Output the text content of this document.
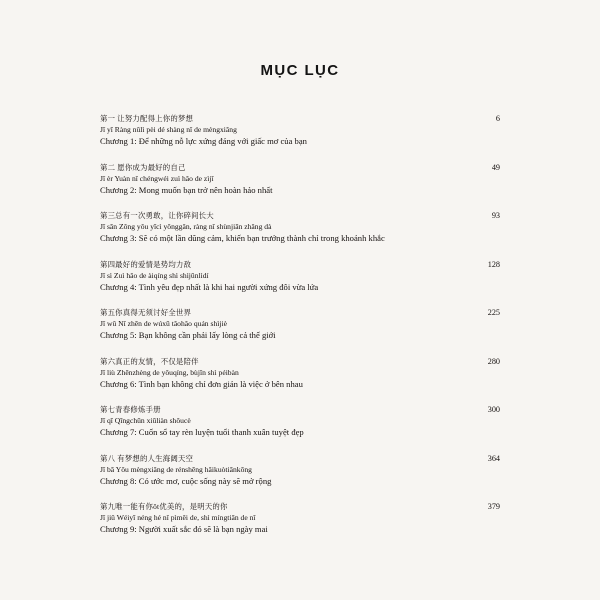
MỤC LỤC
第一 让努力配得上你的梦想
Jǐ yī Ràng nǔlì pèi dé shàng nǐ de mèngxiǎng
Chương 1: Để những nỗ lực xứng đáng với giấc mơ của bạn
6
第二 愿你成为最好的自己
Jǐ èr Yuàn nǐ chéngwéi zuì hǎo de zìjǐ
Chương 2: Mong muốn bạn trở nên hoàn hảo nhất
49
第三总有一次勇敢，让你碎间长大
Jǐ sān Zǒng yǒu yīcì yǒnggǎn, ràng nǐ shùnjiān zhǎng dà
Chương 3: Sẽ có một lần dũng cảm, khiến bạn trưởng thành chỉ trong khoảnh khắc
93
第四最好的爱情是势均力敌
Jǐ sì Zuì hǎo de àiqíng shì shìjūnlìdí
Chương 4: Tình yêu đẹp nhất là khi hai người xứng đôi vừa lứa
128
第五你真得无须讨好全世界
Jǐ wǔ Nǐ zhēn de wúxū tǎohǎo quán shìjiè
Chương 5: Bạn không cần phải lấy lòng cả thế giới
225
第六真正的友情，不仅是陪伴
Jǐ liù Zhēnzhèng de yǒuqíng, bùjǐn shì péibàn
Chương 6: Tình bạn không chỉ đơn giản là việc ở bên nhau
280
第七青春修炼手册
Jǐ qī Qīngchūn xiūliàn shǒucè
Chương 7: Cuốn sổ tay rèn luyện tuổi thanh xuân tuyệt đẹp
300
第八 有梦想的人生海阔天空
Jǐ bā Yǒu mèngxiǎng de rénshēng hǎikuòtiānkōng
Chương 8: Có ước mơ, cuộc sống này sẽ mở rộng
364
第九唯一能有你ôt优美的，是明天的你
Jǐ jiǔ Wéiyī néng hé nǐ pìměi de, shì míngtiān de nǐ
Chương 9: Người xuất sắc đó sẽ là bạn ngày mai
379
